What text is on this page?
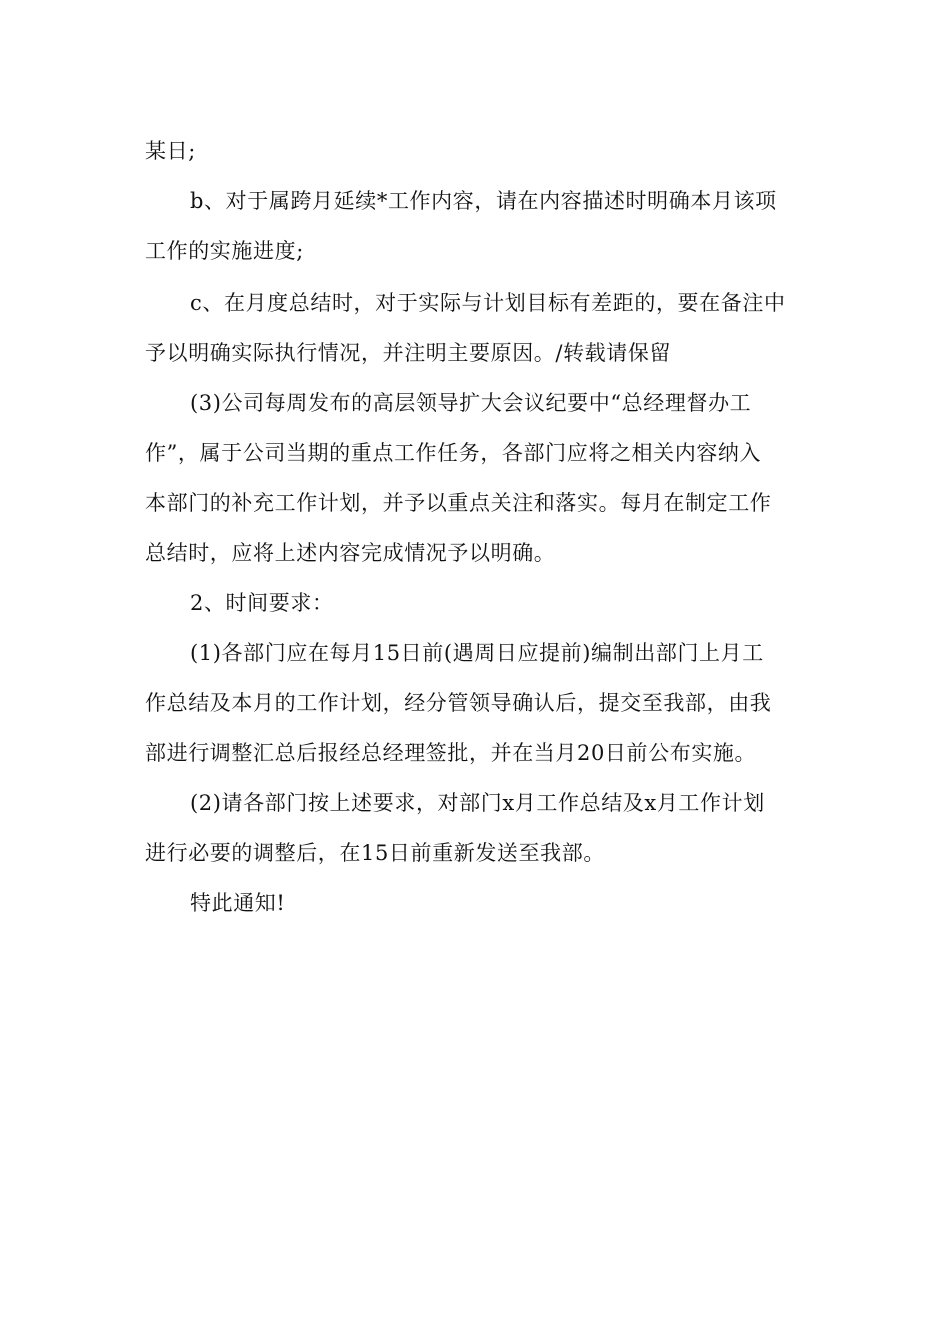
某日;
b、对于属跨月延续*工作内容，请在内容描述时明确本月该项
工作的实施进度;
c、在月度总结时，对于实际与计划目标有差距的，要在备注中
予以明确实际执行情况，并注明主要原因。/转载请保留
(3)公司每周发布的高层领导扩大会议纪要中“总经理督办工
作”，属于公司当期的重点工作任务，各部门应将之相关内容纳入
本部门的补充工作计划，并予以重点关注和落实。每月在制定工作
总结时，应将上述内容完成情况予以明确。
2、时间要求：
(1)各部门应在每月15日前(遇周日应提前)编制出部门上月工
作总结及本月的工作计划，经分管领导确认后，提交至我部，由我
部进行调整汇总后报经总经理签批，并在当月20日前公布实施。
(2)请各部门按上述要求，对部门x月工作总结及x月工作计划
进行必要的调整后，在15日前重新发送至我部。
特此通知!
